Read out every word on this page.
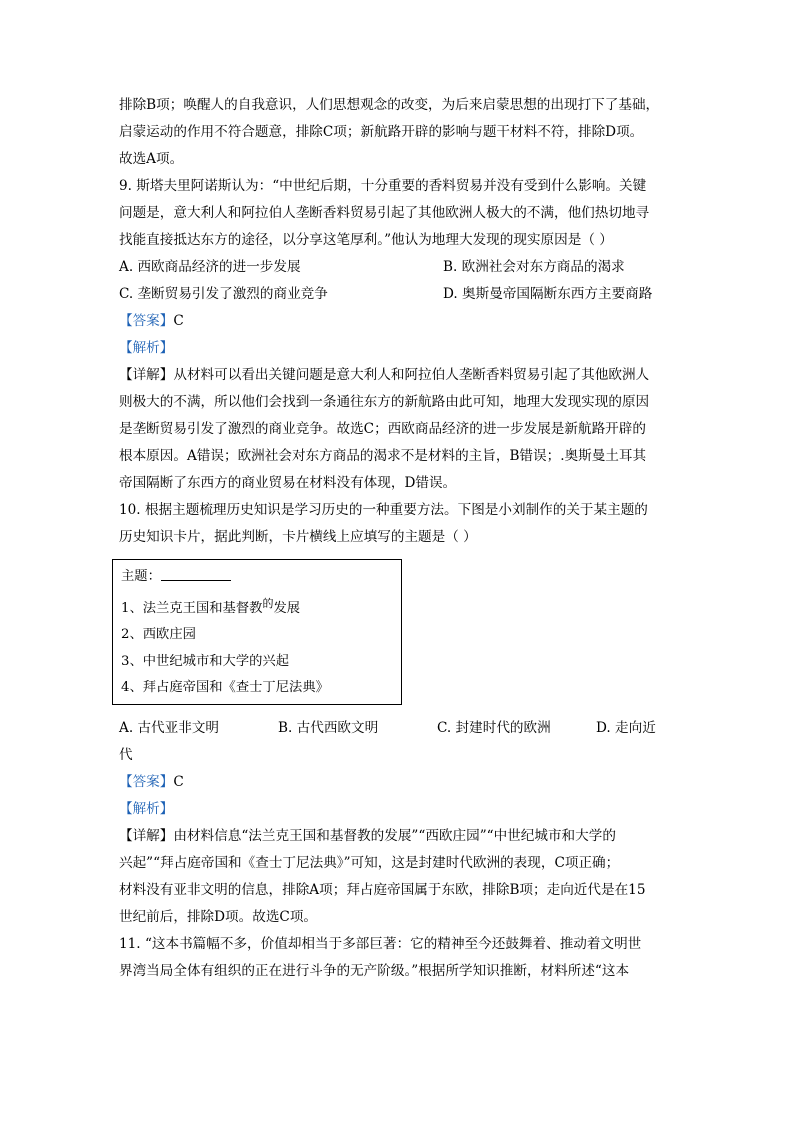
排除B项；唤醒人的自我意识，人们思想观念的改变，为后来启蒙思想的出现打下了基础，
启蒙运动的作用不符合题意，排除C项；新航路开辟的影响与题干材料不符，排除D项。
故选A项。
9. 斯塔夫里阿诺斯认为：“中世纪后期，十分重要的香料贸易并没有受到什么影响。关键
问题是，意大利人和阿拉伯人垄断香料贸易引起了其他欧洲人极大的不满，他们热切地寻
找能直接抵达东方的途径，以分享这笔厚利。”他认为地理大发现的现实原因是（ ）
A. 西欧商品经济的进一步发展	B. 欧洲社会对东方商品的渴求
C. 垄断贸易引发了激烈的商业竞争	D. 奥斯曼帝国隔断东西方主要商路
【答案】C
【解析】
【详解】从材料可以看出关键问题是意大利人和阿拉伯人垄断香料贸易引起了其他欧洲人
则极大的不满，所以他们会找到一条通往东方的新航路由此可知，地理大发现实现的原因
是垄断贸易引发了激烈的商业竞争。故选C；西欧商品经济的进一步发展是新航路开辟的
根本原因。A错误；欧洲社会对东方商品的渴求不是材料的主旨，B错误；.奥斯曼土耳其
帝国隔断了东西方的商业贸易在材料没有体现，D错误。
10. 根据主题梳理历史知识是学习历史的一种重要方法。下图是小刘制作的关于某主题的
历史知识卡片，据此判断，卡片横线上应填写的主题是（ ）
主题：
1、法兰克王国和基督教$^的$发展
2、西欧庄园
3、中世纪城市和大学的兴起
4、拜占庭帝国和《查士丁尼法典》
A. 古代亚非文明	B. 古代西欧文明	C. 封建时代的欧洲	D. 走向近
代
【答案】C
【解析】
【详解】由材料信息“法兰克王国和基督教的发展”“西欧庄园”“中世纪城市和大学的
兴起”“拜占庭帝国和《查士丁尼法典》”可知，这是封建时代欧洲的表现，C项正确；
材料没有亚非文明的信息，排除A项；拜占庭帝国属于东欧，排除B项；走向近代是在15
世纪前后，排除D项。故选C项。
11. “这本书篇幅不多，价值却相当于多部巨著：它的精神至今还鼓舞着、推动着文明世
界湾当局全体有组织的正在进行斗争的无产阶级。”根据所学知识推断，材料所述“这本
